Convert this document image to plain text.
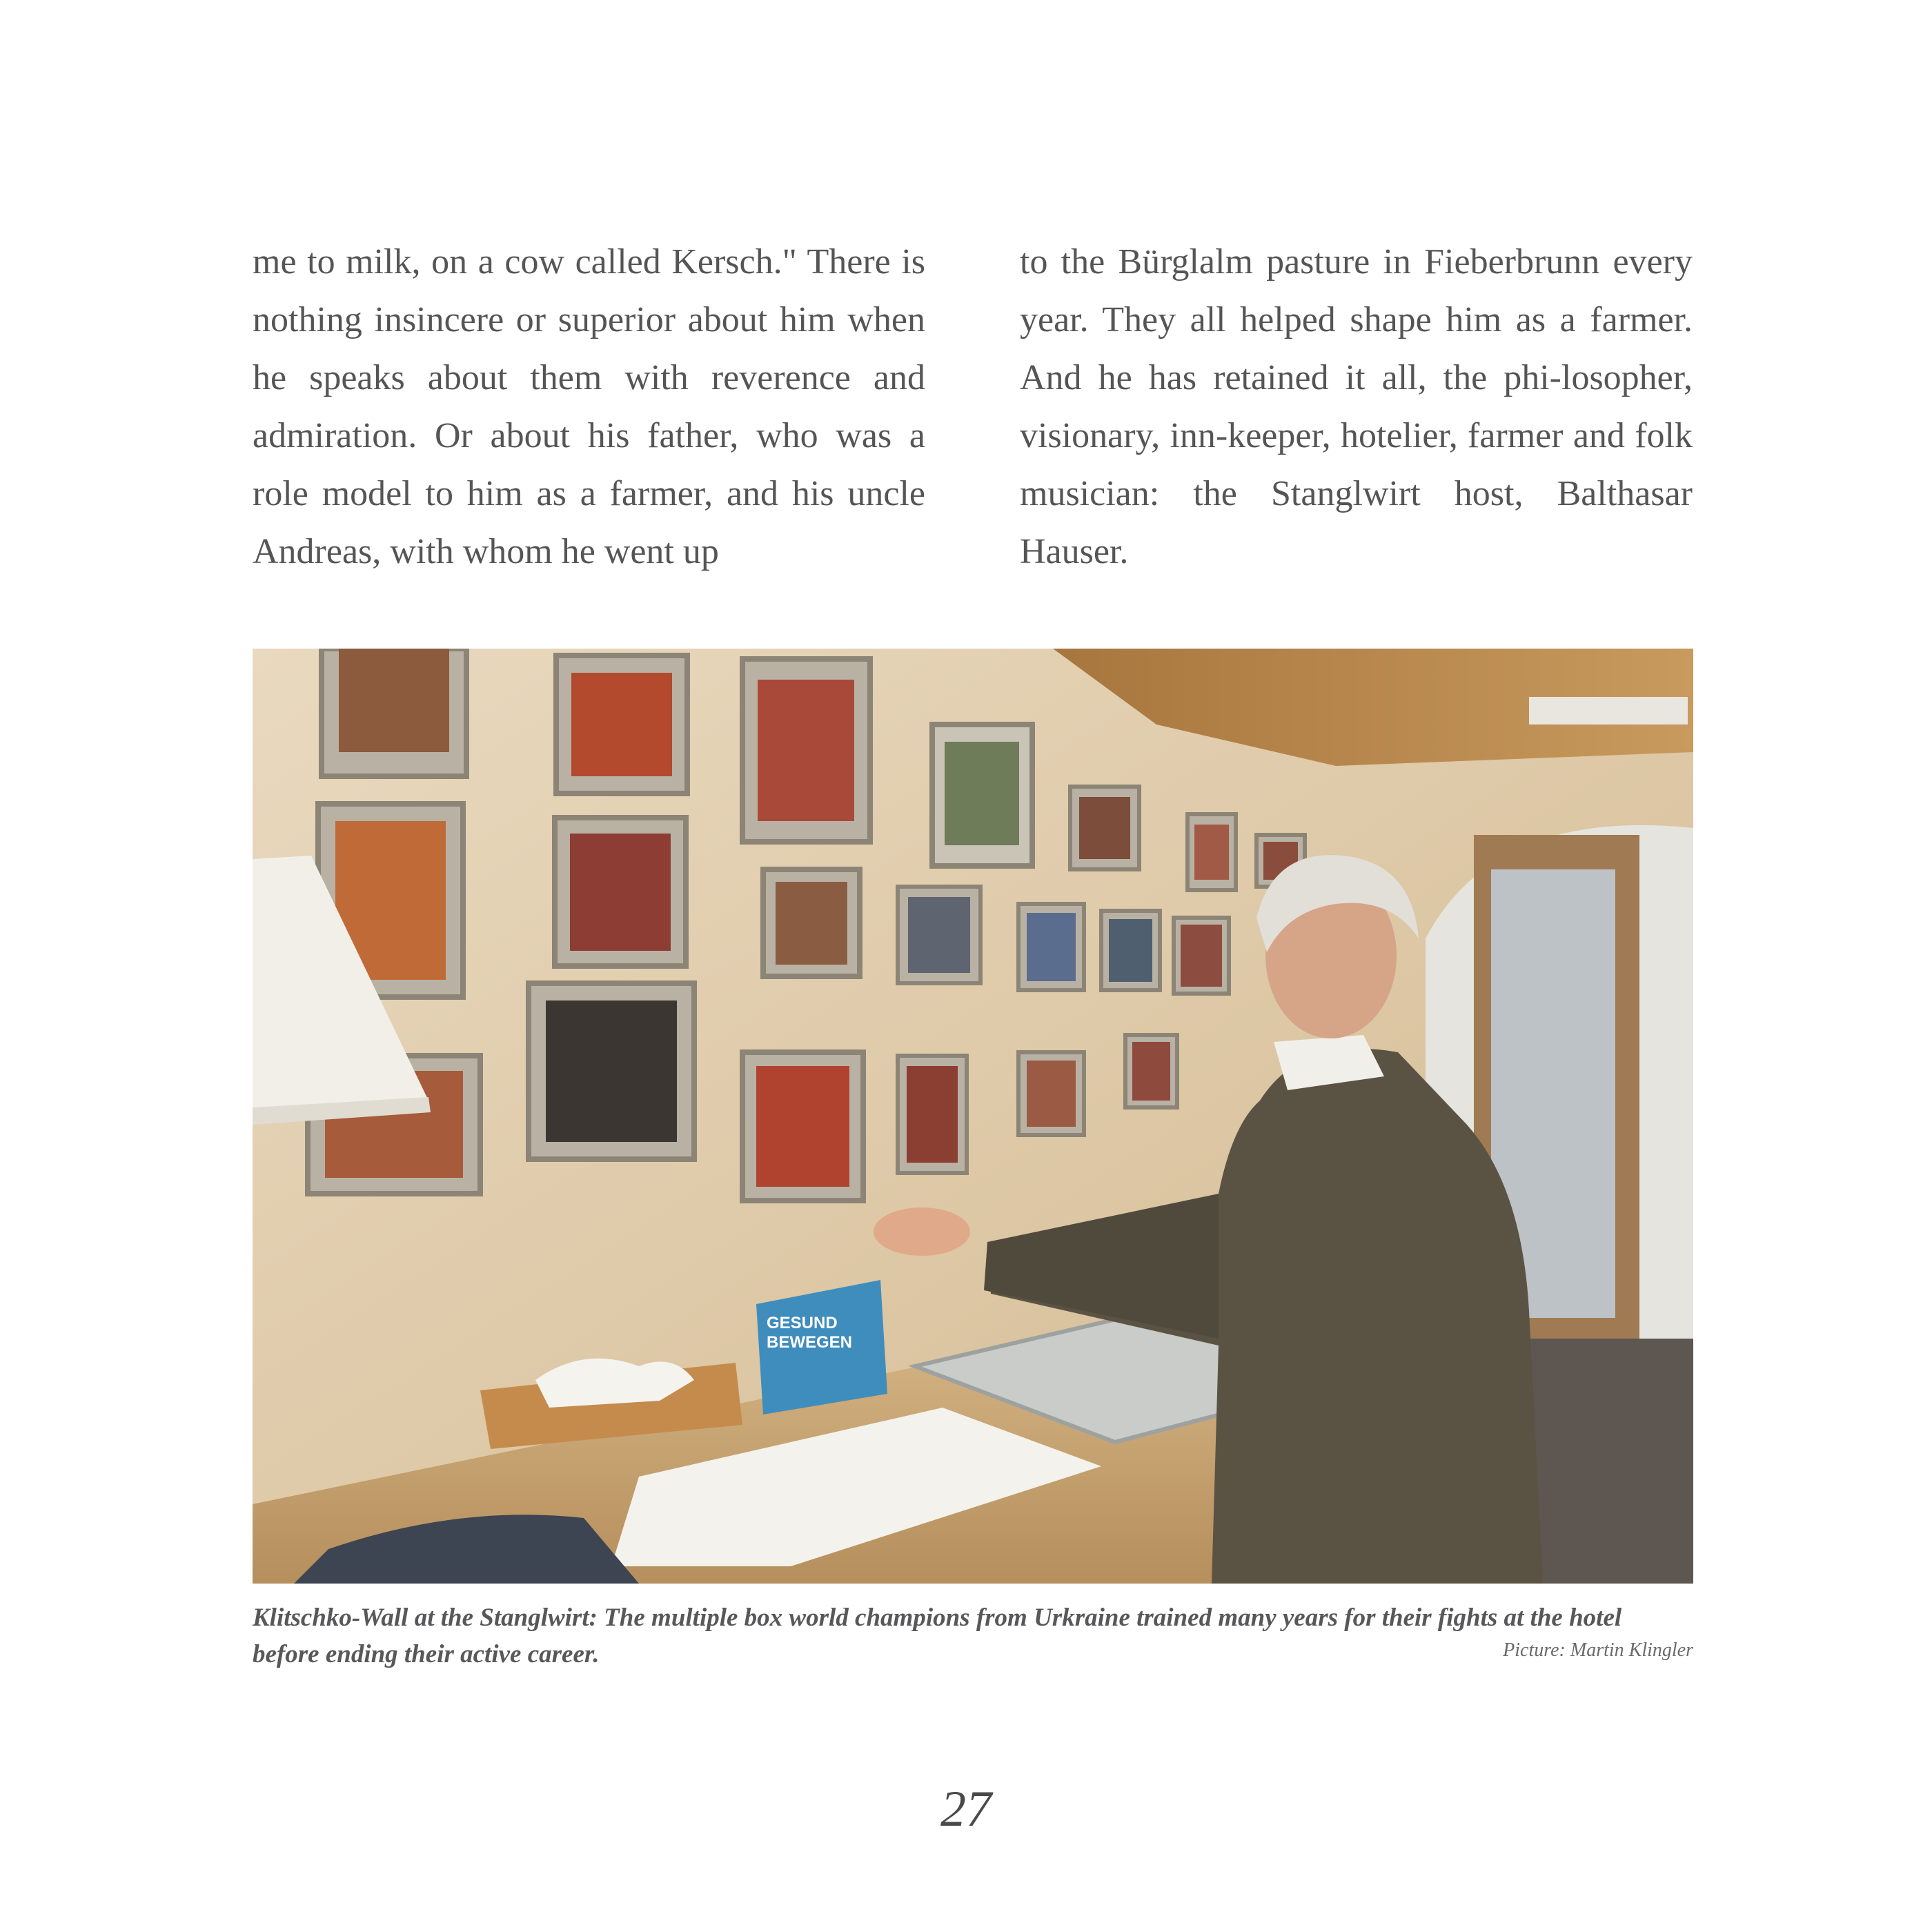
me to milk, on a cow called Kersch." There is nothing insincere or superior about him when he speaks about them with reverence and admiration. Or about his father, who was a role model to him as a farmer, and his uncle Andreas, with whom he went up

to the Bürglalm pasture in Fieberbrunn every year. They all helped shape him as a farmer. And he has retained it all, the phi-losopher, visionary, inn-keeper, hotelier, farmer and folk musician: the Stanglwirt host, Balthasar Hauser.

GESUND
BEWEGEN
Klitschko-Wall at the Stanglwirt: The multiple box world champions from Urkraine trained many years for their fights at the hotel before ending their active career.	Picture: Martin Klingler
27
